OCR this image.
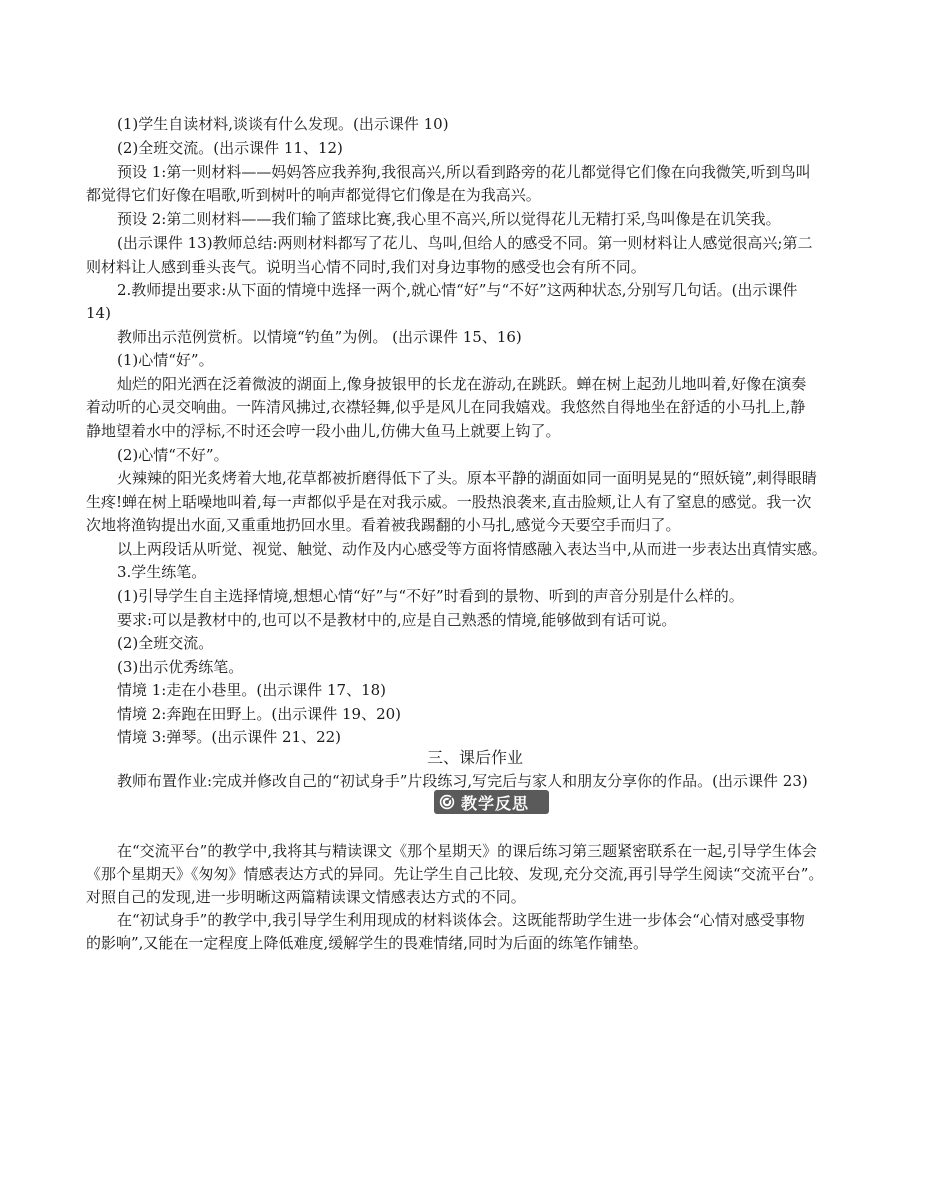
(1)学生自读材料,谈谈有什么发现。(出示课件 10)
(2)全班交流。(出示课件 11、12)
预设 1:第一则材料——妈妈答应我养狗,我很高兴,所以看到路旁的花儿都觉得它们像在向我微笑,听到鸟叫
都觉得它们好像在唱歌,听到树叶的响声都觉得它们像是在为我高兴。
预设 2:第二则材料——我们输了篮球比赛,我心里不高兴,所以觉得花儿无精打采,鸟叫像是在讥笑我。
(出示课件 13)教师总结:两则材料都写了花儿、鸟叫,但给人的感受不同。第一则材料让人感觉很高兴;第二
则材料让人感到垂头丧气。说明当心情不同时,我们对身边事物的感受也会有所不同。
2.教师提出要求:从下面的情境中选择一两个,就心情“好”与“不好”这两种状态,分别写几句话。(出示课件
14)
教师出示范例赏析。以情境“钓鱼”为例。 (出示课件 15、16)
(1)心情“好”。
灿烂的阳光洒在泛着微波的湖面上,像身披银甲的长龙在游动,在跳跃。蝉在树上起劲儿地叫着,好像在演奏
着动听的心灵交响曲。一阵清风拂过,衣襟轻舞,似乎是风儿在同我嬉戏。我悠然自得地坐在舒适的小马扎上,静
静地望着水中的浮标,不时还会哼一段小曲儿,仿佛大鱼马上就要上钩了。
(2)心情“不好”。
火辣辣的阳光炙烤着大地,花草都被折磨得低下了头。原本平静的湖面如同一面明晃晃的“照妖镜”,刺得眼睛
生疼!蝉在树上聒噪地叫着,每一声都似乎是在对我示威。一股热浪袭来,直击脸颊,让人有了窒息的感觉。我一次
次地将渔钩提出水面,又重重地扔回水里。看着被我踢翻的小马扎,感觉今天要空手而归了。
以上两段话从听觉、视觉、触觉、动作及内心感受等方面将情感融入表达当中,从而进一步表达出真情实感。
3.学生练笔。
(1)引导学生自主选择情境,想想心情“好”与“不好”时看到的景物、听到的声音分别是什么样的。
要求:可以是教材中的,也可以不是教材中的,应是自己熟悉的情境,能够做到有话可说。
(2)全班交流。
(3)出示优秀练笔。
情境 1:走在小巷里。(出示课件 17、18)
情境 2:奔跑在田野上。(出示课件 19、20)
情境 3:弹琴。(出示课件 21、22)
三、课后作业
教师布置作业:完成并修改自己的“初试身手”片段练习,写完后与家人和朋友分享你的作品。(出示课件 23)
教学反思
在“交流平台”的教学中,我将其与精读课文《那个星期天》的课后练习第三题紧密联系在一起,引导学生体会
《那个星期天》《匆匆》情感表达方式的异同。先让学生自己比较、发现,充分交流,再引导学生阅读“交流平台”。
对照自己的发现,进一步明晰这两篇精读课文情感表达方式的不同。
在“初试身手”的教学中,我引导学生利用现成的材料谈体会。这既能帮助学生进一步体会“心情对感受事物
的影响”,又能在一定程度上降低难度,缓解学生的畏难情绪,同时为后面的练笔作铺垫。
